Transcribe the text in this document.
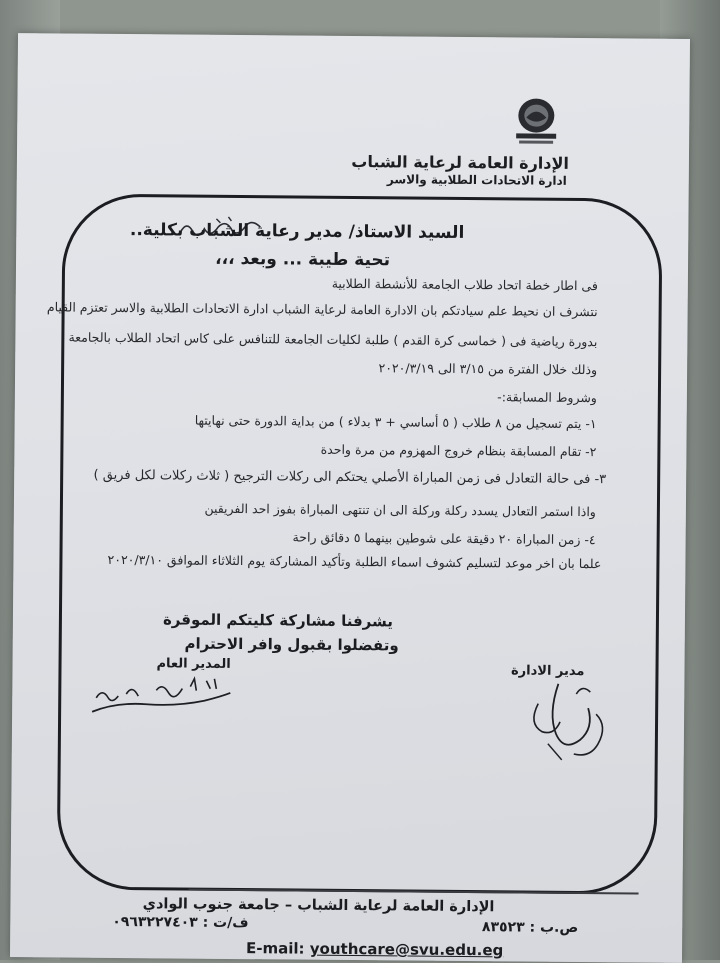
الإدارة العامة لرعاية الشباب
ادارة الاتحادات الطلابية والاسر
السيد الاستاذ/ مدير رعاية الشباب بكلية..
تحية طيبة ... وبعد ،،،
فى اطار خطة اتحاد طلاب الجامعة للأنشطة الطلابية
نتشرف ان نحيط علم سيادتكم بان الادارة العامة لرعاية الشباب ادارة الاتحادات الطلابية والاسر تعتزم القيام
بدورة رياضية فى ( خماسى كرة القدم ) طلبة لكليات الجامعة للتنافس على كاس اتحاد الطلاب بالجامعة
وذلك خلال الفترة من ٣/١٥ الى ٢٠٢٠/٣/١٩
وشروط المسابقة:-
١- يتم تسجيل من ٨ طلاب ( ٥ أساسي + ٣ بدلاء ) من بداية الدورة حتى نهايتها
٢- تقام المسابقة بنظام خروج المهزوم من مرة واحدة
٣- فى حالة التعادل فى زمن المباراة الأصلي يحتكم الى ركلات الترجيح ( ثلاث ركلات لكل فريق )
واذا استمر التعادل يسدد ركلة وركلة الى ان تنتهى المباراة بفوز احد الفريقين
٤- زمن المباراة ٢٠ دقيقة على شوطين بينهما ٥ دقائق راحة
علما بان اخر موعد لتسليم كشوف اسماء الطلبة وتأكيد المشاركة يوم الثلاثاء الموافق ٢٠٢٠/٣/١٠
يشرفنا مشاركة كليتكم الموقرة
وتفضلوا بقبول وافر الاحترام
المدير العام	مدير الادارة
الإدارة العامة لرعاية الشباب – جامعة جنوب الوادي
ص.ب : ٨٣٥٢٣
ف/ت : ٠٩٦٣٢٢٧٤٠٣
E-mail: youthcare@svu.edu.eg
